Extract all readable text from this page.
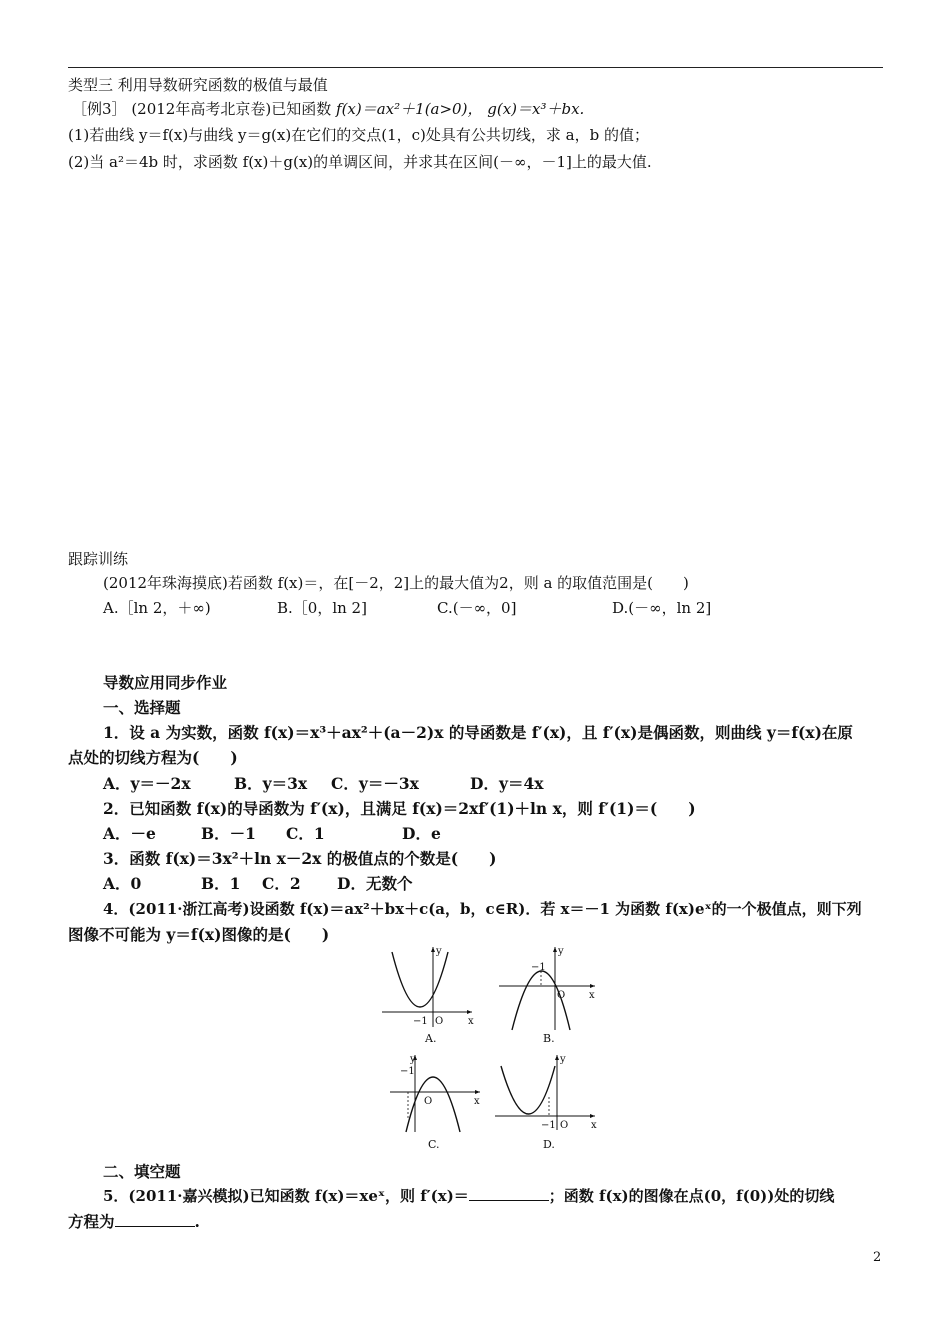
类型三 利用导数研究函数的极值与最值
［例3］ (2012年高考北京卷)已知函数 f(x)＝ax²＋1(a>0)， g(x)＝x³＋bx.
(1)若曲线 y＝f(x)与曲线 y＝g(x)在它们的交点(1，c)处具有公共切线，求 a，b 的值；
(2)当 a²＝4b 时，求函数 f(x)＋g(x)的单调区间，并求其在区间(－∞，－1]上的最大值.
跟踪训练
(2012年珠海摸底)若函数 f(x)＝，在[－2，2]上的最大值为2，则 a 的取值范围是(　　)
A.［ln 2，＋∞)	B.［0，ln 2]	C.(－∞，0]	D.(－∞，ln 2]
导数应用同步作业
一、选择题
1．设 a 为实数，函数 f(x)＝x³＋ax²＋(a－2)x 的导函数是 f′(x)，且 f′(x)是偶函数，则曲线 y＝f(x)在原
点处的切线方程为(　　)
A．y＝－2x	B．y＝3x C．y＝－3x	D．y＝4x
2．已知函数 f(x)的导函数为 f′(x)，且满足 f(x)＝2xf′(1)＋ln x，则 f′(1)＝(　　)
A．－e	B．－1 C．1	D．e
3．函数 f(x)＝3x²＋ln x－2x 的极值点的个数是(　　)
A．0	B．1 C．2 D．无数个
4．(2011·浙江高考)设函数 f(x)＝ax²＋bx＋c(a，b，c∈R)．若 x＝－1 为函数 f(x)eˣ的一个极值点，则下列
图像不可能为 y＝f(x)图像的是(　　)
y
x
O
−1
A.
y
x
O
−1
B.
y
x
O
−1
C.
y
x
O
−1
D.
二、填空题
5．(2011·嘉兴模拟)已知函数 f(x)＝xeˣ，则 f′(x)＝	；函数 f(x)的图像在点(0，f(0))处的切线
方程为	.
2
